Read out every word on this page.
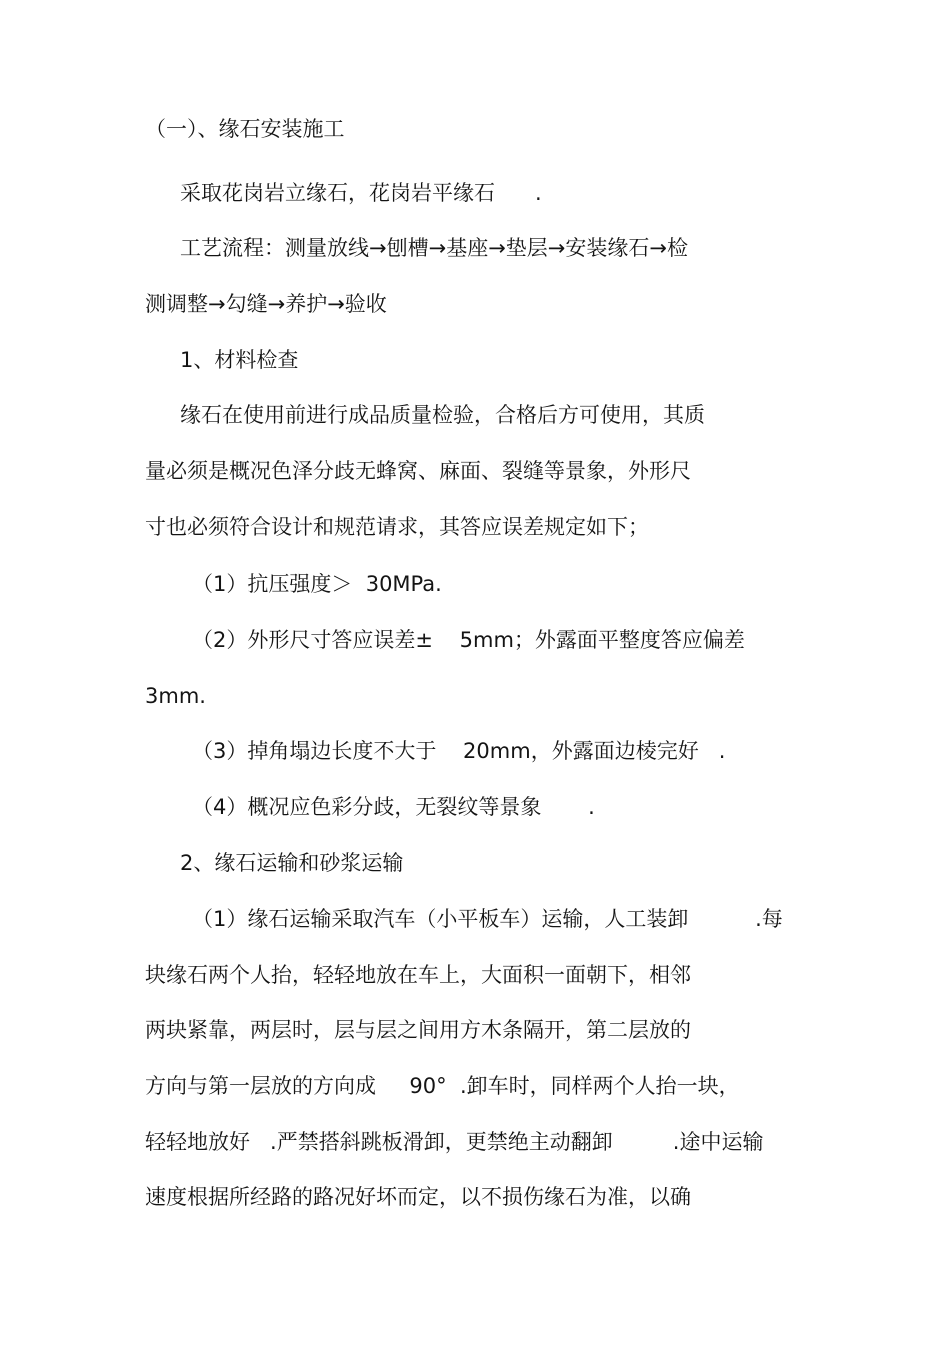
（一）、缘石安装施工
采取花岗岩立缘石，花岗岩平缘石      .
工艺流程：测量放线→刨槽→基座→垫层→安装缘石→检
测调整→勾缝→养护→验收
1、材料检查
缘石在使用前进行成品质量检验，合格后方可使用，其质
量必须是概况色泽分歧无蜂窝、麻面、裂缝等景象，外形尺
寸也必须符合设计和规范请求，其答应误差规定如下；
（1）抗压强度＞  30MPa.
（2）外形尺寸答应误差±    5mm；外露面平整度答应偏差
3mm.
（3）掉角塌边长度不大于    20mm，外露面边棱完好   .
（4）概况应色彩分歧，无裂纹等景象       .
2、缘石运输和砂浆运输
（1）缘石运输采取汽车（小平板车）运输，人工装卸          .每
块缘石两个人抬，轻轻地放在车上，大面积一面朝下，相邻
两块紧靠，两层时，层与层之间用方木条隔开，第二层放的
方向与第一层放的方向成     90°  .卸车时，同样两个人抬一块，
轻轻地放好   .严禁搭斜跳板滑卸，更禁绝主动翻卸         .途中运输
速度根据所经路的路况好坏而定，以不损伤缘石为准，以确
